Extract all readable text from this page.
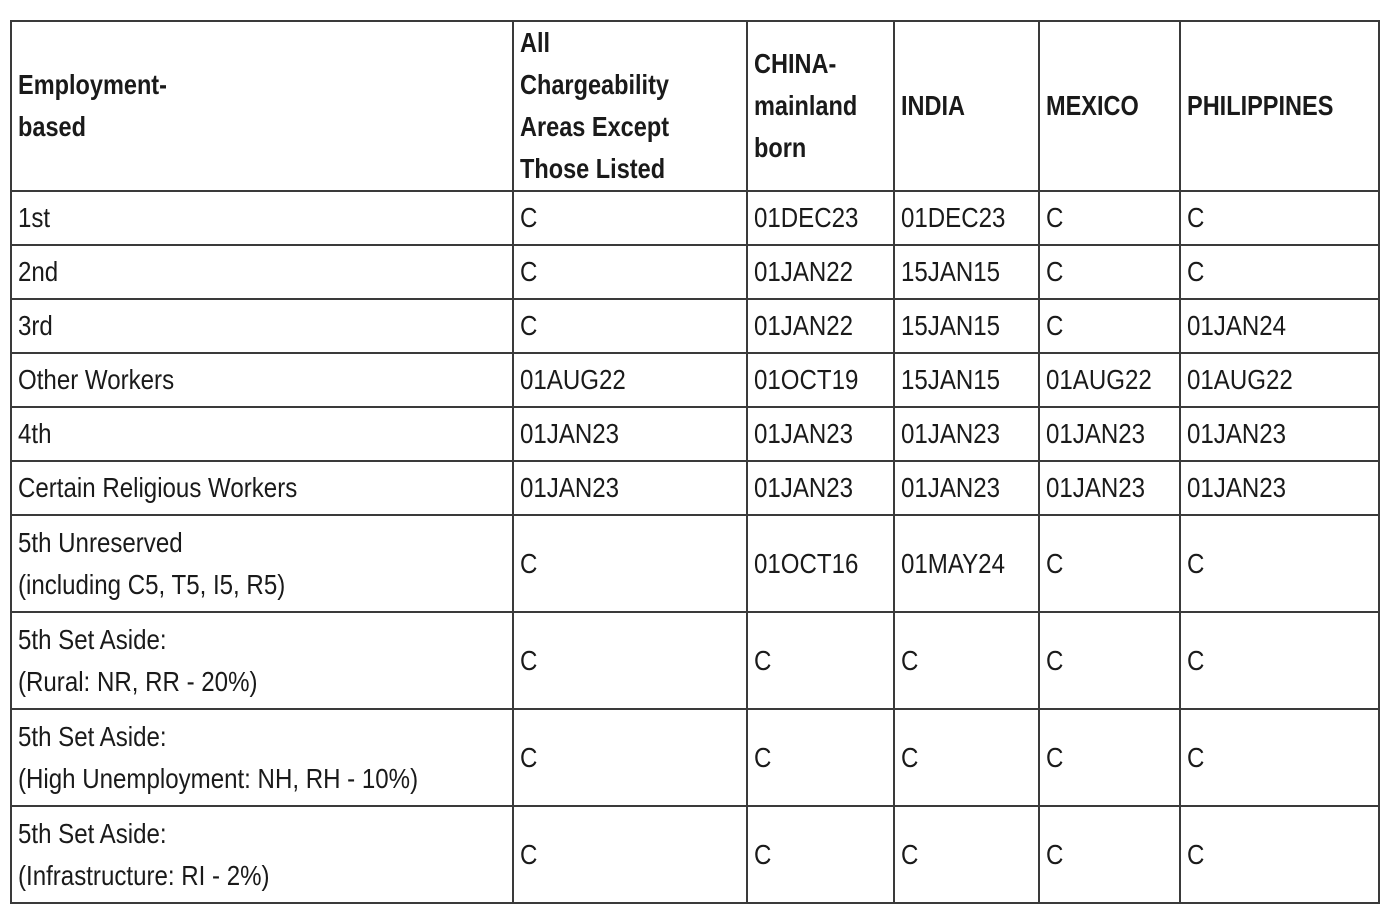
Employment-
based	All Chargeability
Areas Except
Those Listed	CHINA-
mainland
born	INDIA	MEXICO	PHILIPPINES

1st	C	01DEC23	01DEC23	C	C

2nd	C	01JAN22	15JAN15	C	C

3rd	C	01JAN22	15JAN15	C	01JAN24

Other Workers	01AUG22	01OCT19	15JAN15	01AUG22	01AUG22

4th	01JAN23	01JAN23	01JAN23	01JAN23	01JAN23

Certain Religious Workers	01JAN23	01JAN23	01JAN23	01JAN23	01JAN23

5th Unreserved
(including C5, T5, I5, R5)	C	01OCT16	01MAY24	C	C

5th Set Aside:
(Rural: NR, RR - 20%)	C	C	C	C	C

5th Set Aside:
(High Unemployment: NH, RH - 10%)	C	C	C	C	C

5th Set Aside:
(Infrastructure: RI - 2%)	C	C	C	C	C
